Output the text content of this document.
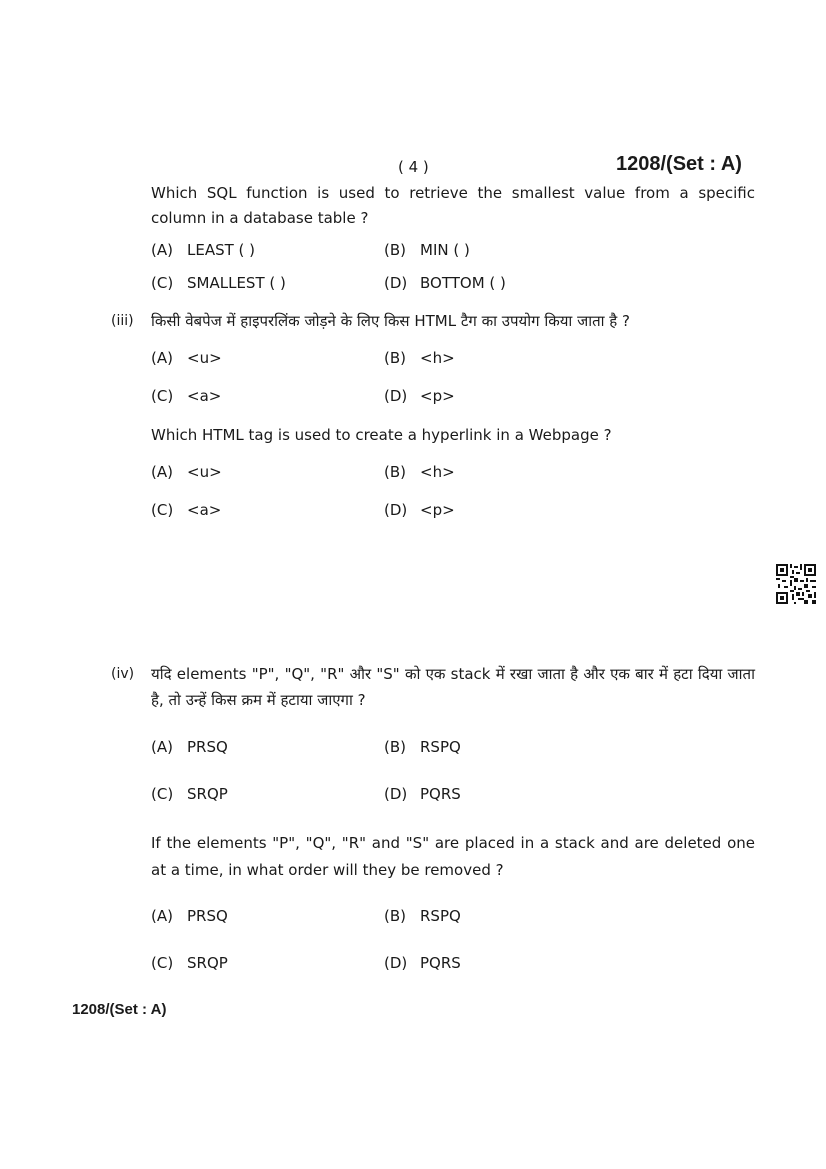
( 4 )	1208/(Set : A)
Which SQL function is used to retrieve the smallest value from a specific column in a database table ?
(A) LEAST ( )	(B) MIN ( )
(C) SMALLEST ( )	(D) BOTTOM ( )
(iii) किसी वेबपेज में हाइपरलिंक जोड़ने के लिए किस HTML टैग का उपयोग किया जाता है ?
(A) <u>	(B) <h>
(C) <a>	(D) <p>
Which HTML tag is used to create a hyperlink in a Webpage ?
(A) <u>	(B) <h>
(C) <a>	(D) <p>
(iv) यदि elements "P", "Q", "R" और "S" को एक stack में रखा जाता है और एक बार में हटा दिया जाता है, तो उन्हें किस क्रम में हटाया जाएगा ?
(A) PRSQ	(B) RSPQ
(C) SRQP	(D) PQRS
If the elements "P", "Q", "R" and "S" are placed in a stack and are deleted one at a time, in what order will they be removed ?
(A) PRSQ	(B) RSPQ
(C) SRQP	(D) PQRS
1208/(Set : A)
